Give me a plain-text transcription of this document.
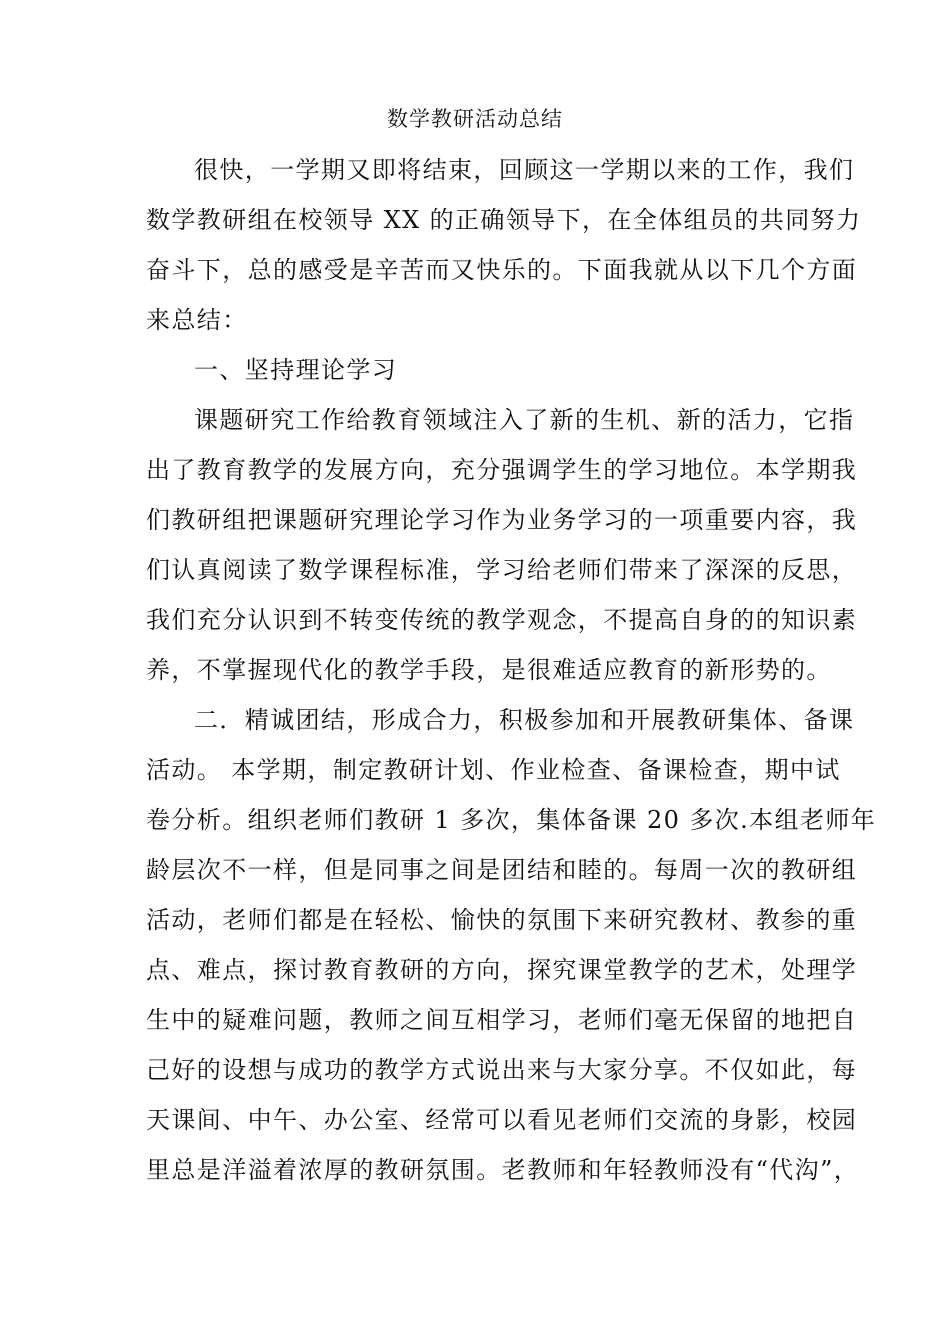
数学教研活动总结
很快，一学期又即将结束，回顾这一学期以来的工作，我们
数学教研组在校领导 XX 的正确领导下，在全体组员的共同努力
奋斗下，总的感受是辛苦而又快乐的。下面我就从以下几个方面
来总结：
一、坚持理论学习
课题研究工作给教育领域注入了新的生机、新的活力，它指
出了教育教学的发展方向，充分强调学生的学习地位。本学期我
们教研组把课题研究理论学习作为业务学习的一项重要内容，我
们认真阅读了数学课程标准，学习给老师们带来了深深的反思，
我们充分认识到不转变传统的教学观念，不提高自身的的知识素
养，不掌握现代化的教学手段，是很难适应教育的新形势的。
二．精诚团结，形成合力，积极参加和开展教研集体、备课
活动。 本学期，制定教研计划、作业检查、备课检查，期中试
卷分析。组织老师们教研 1 多次，集体备课 20 多次.本组老师年
龄层次不一样，但是同事之间是团结和睦的。每周一次的教研组
活动，老师们都是在轻松、愉快的氛围下来研究教材、教参的重
点、难点，探讨教育教研的方向，探究课堂教学的艺术，处理学
生中的疑难问题，教师之间互相学习，老师们毫无保留的地把自
己好的设想与成功的教学方式说出来与大家分享。不仅如此，每
天课间、中午、办公室、经常可以看见老师们交流的身影，校园
里总是洋溢着浓厚的教研氛围。老教师和年轻教师没有“代沟”，
